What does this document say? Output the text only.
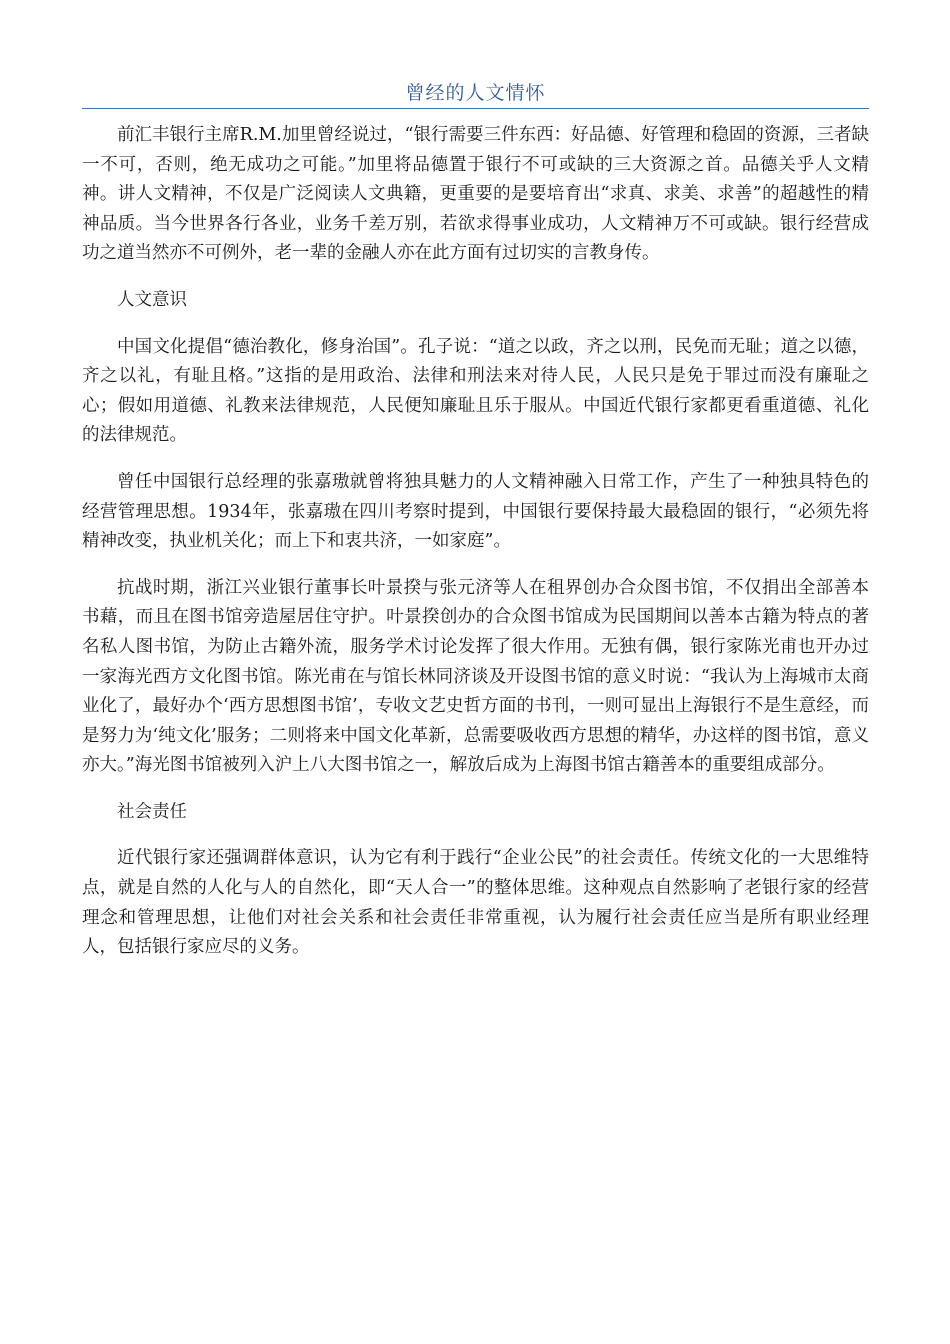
曾经的人文情怀

前汇丰银行主席R.M.加里曾经说过，“银行需要三件东西：好品德、好管理和稳固的资源，三者缺一不可，否则，绝无成功之可能。”加里将品德置于银行不可或缺的三大资源之首。品德关乎人文精神。讲人文精神，不仅是广泛阅读人文典籍，更重要的是要培育出“求真、求美、求善”的超越性的精神品质。当今世界各行各业，业务千差万别，若欲求得事业成功，人文精神万不可或缺。银行经营成功之道当然亦不可例外，老一辈的金融人亦在此方面有过切实的言教身传。

人文意识

中国文化提倡“德治教化，修身治国”。孔子说：“道之以政，齐之以刑，民免而无耻；道之以德，齐之以礼，有耻且格。”这指的是用政治、法律和刑法来对待人民，人民只是免于罪过而没有廉耻之心；假如用道德、礼教来法律规范，人民便知廉耻且乐于服从。中国近代银行家都更看重道德、礼化的法律规范。

曾任中国银行总经理的张嘉璈就曾将独具魅力的人文精神融入日常工作，产生了一种独具特色的经营管理思想。1934年，张嘉璈在四川考察时提到，中国银行要保持最大最稳固的银行，“必须先将精神改变，执业机关化；而上下和衷共济，一如家庭”。

抗战时期，浙江兴业银行董事长叶景揆与张元济等人在租界创办合众图书馆，不仅捐出全部善本书藉，而且在图书馆旁造屋居住守护。叶景揆创办的合众图书馆成为民国期间以善本古籍为特点的著名私人图书馆，为防止古籍外流，服务学术讨论发挥了很大作用。无独有偶，银行家陈光甫也开办过一家海光西方文化图书馆。陈光甫在与馆长林同济谈及开设图书馆的意义时说：“我认为上海城市太商业化了，最好办个‘西方思想图书馆’，专收文艺史哲方面的书刊，一则可显出上海银行不是生意经，而是努力为‘纯文化’服务；二则将来中国文化革新，总需要吸收西方思想的精华，办这样的图书馆，意义亦大。”海光图书馆被列入沪上八大图书馆之一，解放后成为上海图书馆古籍善本的重要组成部分。

社会责任

近代银行家还强调群体意识，认为它有利于践行“企业公民”的社会责任。传统文化的一大思维特点，就是自然的人化与人的自然化，即“天人合一”的整体思维。这种观点自然影响了老银行家的经营理念和管理思想，让他们对社会关系和社会责任非常重视，认为履行社会责任应当是所有职业经理人，包括银行家应尽的义务。
